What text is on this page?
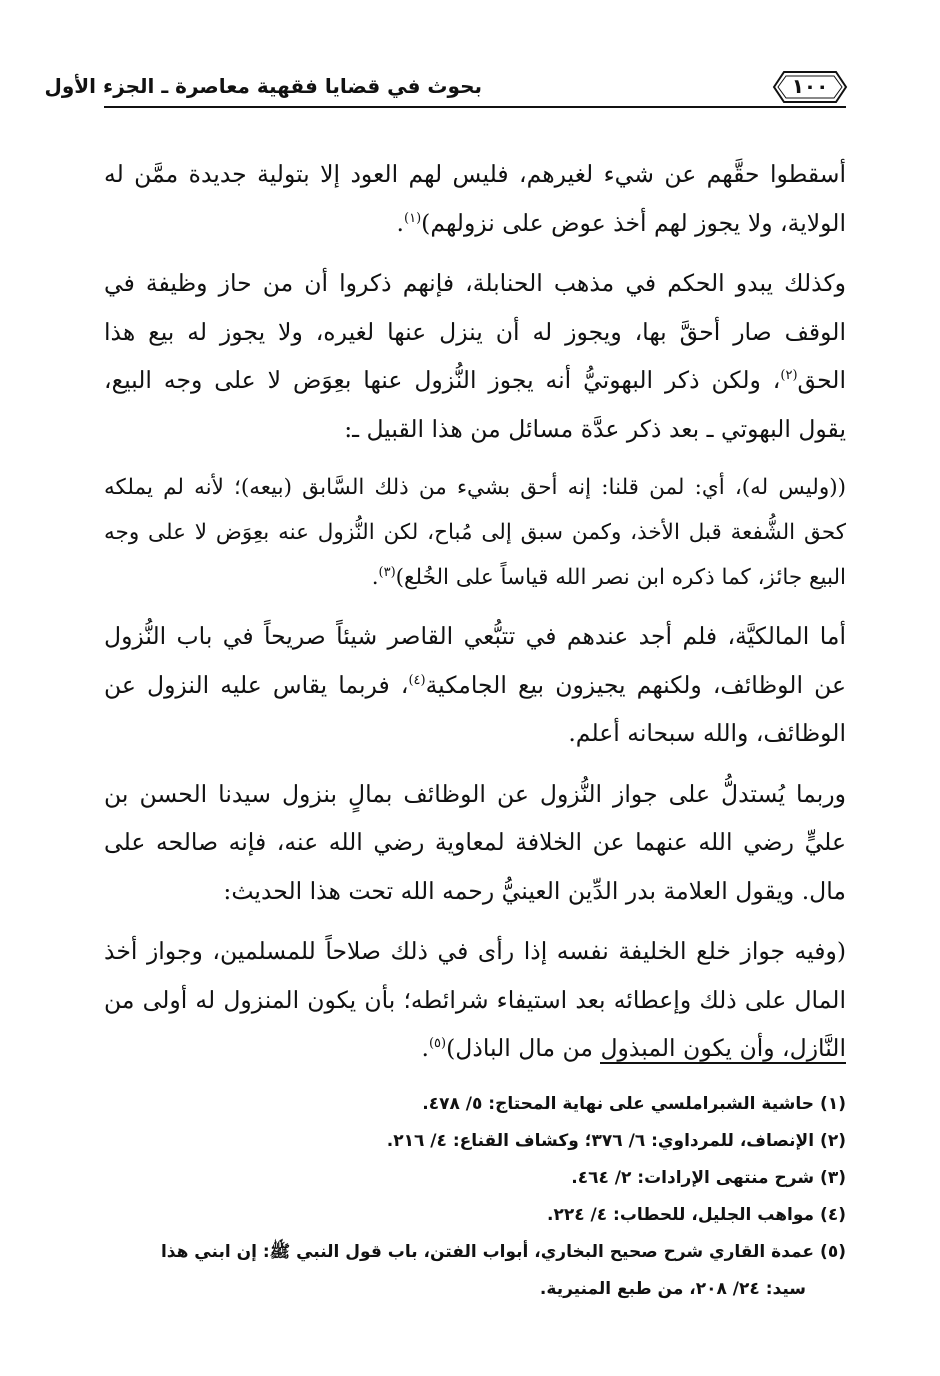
بحوث في قضايا فقهية معاصرة ـ الجزء الأول	١٠٠

أسقطوا حقَّهم عن شيء لغيرهم، فليس لهم العود إلا بتولية جديدة ممَّن له الولاية، ولا يجوز لهم أخذ عوض على نزولهم)$^{(١)}$.

وكذلك يبدو الحكم في مذهب الحنابلة، فإنهم ذكروا أن من حاز وظيفة في الوقف صار أحقَّ بها، ويجوز له أن ينزل عنها لغيره، ولا يجوز له بيع هذا الحق$^{(٢)}$، ولكن ذكر البهوتيُّ أنه يجوز النُّزول عنها بعِوَض لا على وجه البيع، يقول البهوتي ـ بعد ذكر عدَّة مسائل من هذا القبيل ـ:

((وليس له)، أي: لمن قلنا: إنه أحق بشيء من ذلك السَّابق (بيعه)؛ لأنه لم يملكه كحق الشُّفعة قبل الأخذ، وكمن سبق إلى مُباح، لكن النُّزول عنه بعِوَض لا على وجه البيع جائز، كما ذكره ابن نصر الله قياساً على الخُلع)$^{(٣)}$.

أما المالكيَّة، فلم أجد عندهم في تتبُّعي القاصر شيئاً صريحاً في باب النُّزول عن الوظائف، ولكنهم يجيزون بيع الجامكية$^{(٤)}$، فربما يقاس عليه النزول عن الوظائف، والله سبحانه أعلم.

وربما يُستدلُّ على جواز النُّزول عن الوظائف بمالٍ بنزول سيدنا الحسن بن عليٍّ رضي الله عنهما عن الخلافة لمعاوية رضي الله عنه، فإنه صالحه على مال. ويقول العلامة بدر الدِّين العينيُّ رحمه الله تحت هذا الحديث:

(وفيه جواز خلع الخليفة نفسه إذا رأى في ذلك صلاحاً للمسلمين، وجواز أخذ المال على ذلك وإعطائه بعد استيفاء شرائطه؛ بأن يكون المنزول له أولى من النَّازل، وأن يكون المبذول من مال الباذل)$^{(٥)}$.

(١)حاشية الشبراملسي على نهاية المحتاج: ٥/ ٤٧٨.

(٢)الإنصاف، للمرداوي: ٦/ ٣٧٦؛ وكشاف القناع: ٤/ ٢١٦.

(٣)شرح منتهى الإرادات: ٢/ ٤٦٤.

(٤)مواهب الجليل، للحطاب: ٤/ ٢٢٤.

(٥)عمدة القاري شرح صحيح البخاري، أبواب الفتن، باب قول النبي ﷺ: إن ابني هذا

سيد: ٢٤/ ٢٠٨، من طبع المنيرية.
